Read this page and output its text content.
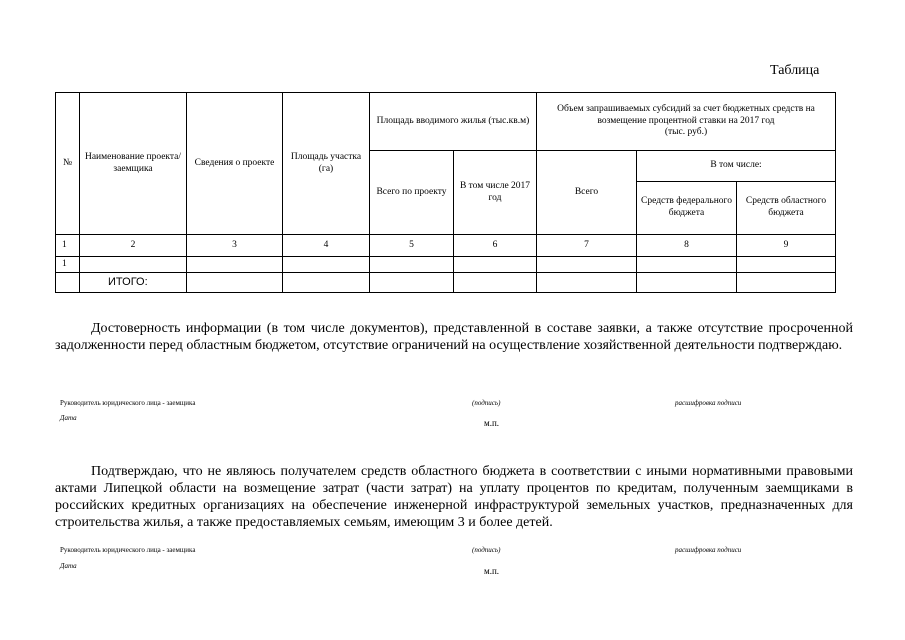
Таблица
№	Наименование проекта/ заемщика	Сведения о проекте	Площадь участка (га)	Площадь вводимого жилья (тыс.кв.м)		Объем запрашиваемых субсидий за счет бюджетных средств на возмещение процентной ставки на 2017 год
(тыс. руб.)		
				Всего по проекту	В том числе 2017 год	Всего	В том числе:	
							Средств федерального бюджета	Средств областного бюджета
1	2	3	4	5	6	7	8	9
1								
	ИТОГО:							

Достоверность информации (в том числе документов), представленной в составе заявки, а также отсутствие просроченной задолженности перед областным бюджетом, отсутствие ограничений на осуществление хозяйственной деятельности подтверждаю.

Руководитель юридического лица - заемщика	(подпись)	расшифровка подписи
Дата	м.п.

Подтверждаю, что не являюсь получателем средств областного бюджета в соответствии с иными нормативными правовыми актами Липецкой области на возмещение затрат (части затрат) на уплату процентов по кредитам, полученным заемщиками в российских кредитных организациях на обеспечение инженерной инфраструктурой земельных участков, предназначенных для строительства жилья, а также предоставляемых семьям, имеющим 3 и более детей.

Руководитель юридического лица - заемщика	(подпись)	расшифровка подписи
Дата	м.п.
